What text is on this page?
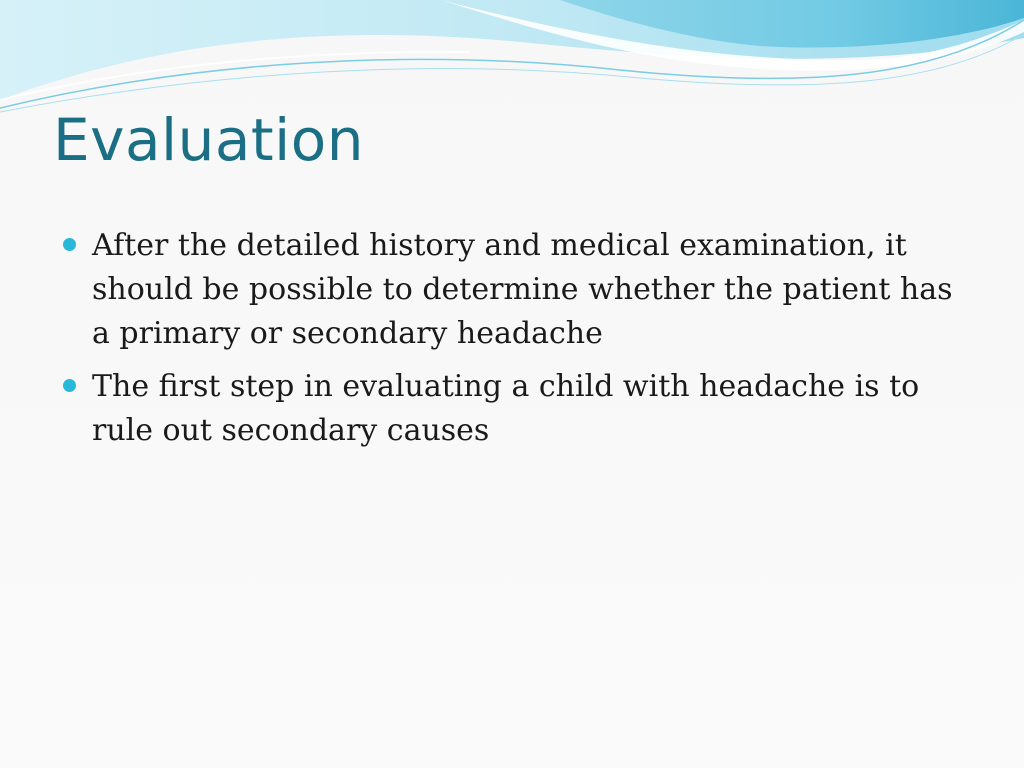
Evaluation
After the detailed history and medical examination, it should be possible to determine whether the patient has a primary or secondary headache
The first step in evaluating a child with headache is to rule out secondary causes
